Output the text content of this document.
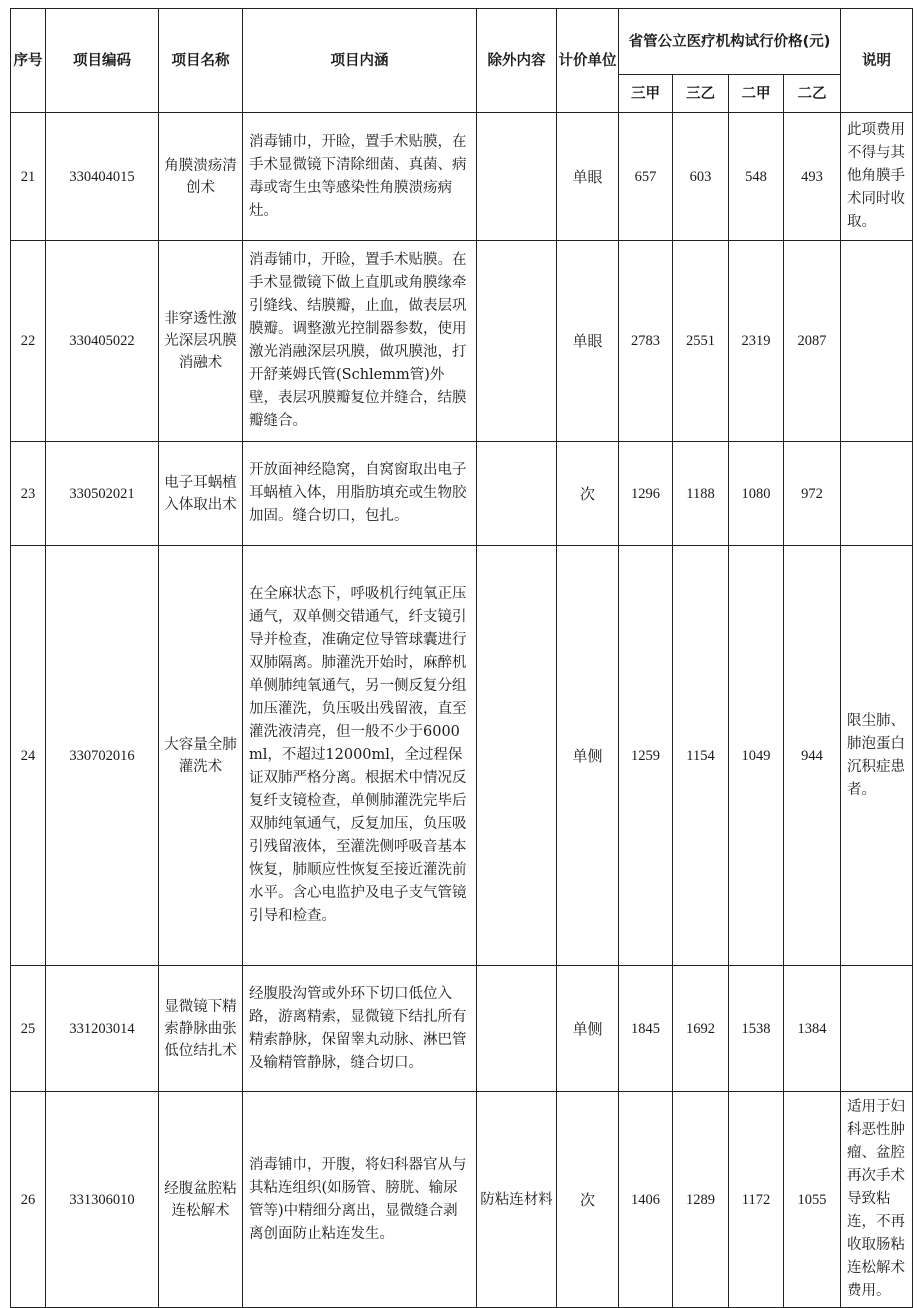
序号	项目编码	项目名称	项目内涵	除外内容	计价单位	省管公立医疗机构试行价格(元)				说明
						三甲	三乙	二甲	二乙	
21	330404015	角膜溃疡清创术	消毒铺巾，开睑，置手术贴膜，在手术显微镜下清除细菌、真菌、病毒或寄生虫等感染性角膜溃疡病灶。		单眼	657	603	548	493	此项费用不得与其他角膜手术同时收取。
22	330405022	非穿透性激光深层巩膜消融术	消毒铺巾，开睑，置手术贴膜。在手术显微镜下做上直肌或角膜缘牵引缝线、结膜瓣，止血，做表层巩膜瓣。调整激光控制器参数，使用激光消融深层巩膜，做巩膜池，打开舒莱姆氏管(Schlemm管)外壁，表层巩膜瓣复位并缝合，结膜瓣缝合。		单眼	2783	2551	2319	2087	
23	330502021	电子耳蜗植入体取出术	开放面神经隐窝，自窝窗取出电子耳蜗植入体，用脂肪填充或生物胶加固。缝合切口，包扎。		次	1296	1188	1080	972	
24	330702016	大容量全肺灌洗术	在全麻状态下，呼吸机行纯氧正压通气，双单侧交错通气，纤支镜引导并检查，准确定位导管球囊进行双肺隔离。肺灌洗开始时，麻醉机单侧肺纯氧通气，另一侧反复分组加压灌洗，负压吸出残留液，直至灌洗液清亮，但一般不少于6000ml，不超过12000ml，全过程保证双肺严格分离。根据术中情况反复纤支镜检查，单侧肺灌洗完毕后双肺纯氧通气，反复加压，负压吸引残留液体，至灌洗侧呼吸音基本恢复，肺顺应性恢复至接近灌洗前水平。含心电监护及电子支气管镜引导和检查。		单侧	1259	1154	1049	944	限尘肺、肺泡蛋白沉积症患者。
25	331203014	显微镜下精索静脉曲张低位结扎术	经腹股沟管或外环下切口低位入路，游离精索，显微镜下结扎所有精索静脉，保留睾丸动脉、淋巴管及输精管静脉，缝合切口。		单侧	1845	1692	1538	1384	
26	331306010	经腹盆腔粘连松解术	消毒铺巾，开腹，将妇科器官从与其粘连组织(如肠管、膀胱、输尿管等)中精细分离出，显微缝合剥离创面防止粘连发生。	防粘连材料	次	1406	1289	1172	1055	适用于妇科恶性肿瘤、盆腔再次手术导致粘连，不再收取肠粘连松解术费用。
